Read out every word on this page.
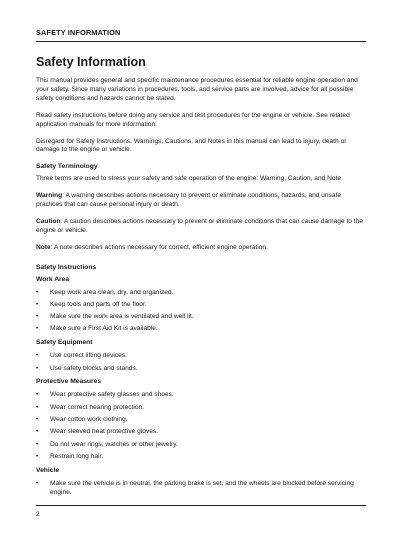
SAFETY INFORMATION
Safety Information

This manual provides general and specific maintenance procedures essential for reliable engine operation and your safety. Since many variations in procedures, tools, and service parts are involved, advice for all possible safety conditions and hazards cannot be stated.

Read safety instructions before doing any service and test procedures for the engine or vehicle. See related application manuals for more information.

Disregard for Safety Instructions, Warnings, Cautions, and Notes in this manual can lead to injury, death or damage to the engine or vehicle.

Safety Terminology

Three terms are used to stress your safety and safe operation of the engine: Warning, Caution, and Note

Warning: A warning describes actions necessary to prevent or eliminate conditions, hazards, and unsafe practices that can cause personal injury or death.

Caution: A caution describes actions necessary to prevent or eliminate conditions that can cause damage to the engine or vehicle.

Note: A note describes actions necessary for correct, efficient engine operation.

Safety Instructions
Work Area
• Keep work area clean, dry, and organized.
• Keep tools and parts off the floor.
• Make sure the work area is ventilated and well lit.
• Make sure a First Aid Kit is available.
Safety Equipment
• Use correct lifting devices.
• Use safety blocks and stands.
Protective Measures
• Wear protective safety glasses and shoes.
• Wear correct hearing protection.
• Wear cotton work clothing.
• Wear sleeved heat protective gloves.
• Do not wear rings, watches or other jewelry.
• Restrain long hair.
Vehicle
• Make sure the vehicle is in neutral, the parking brake is set, and the wheels are blocked before servicing engine.
2
